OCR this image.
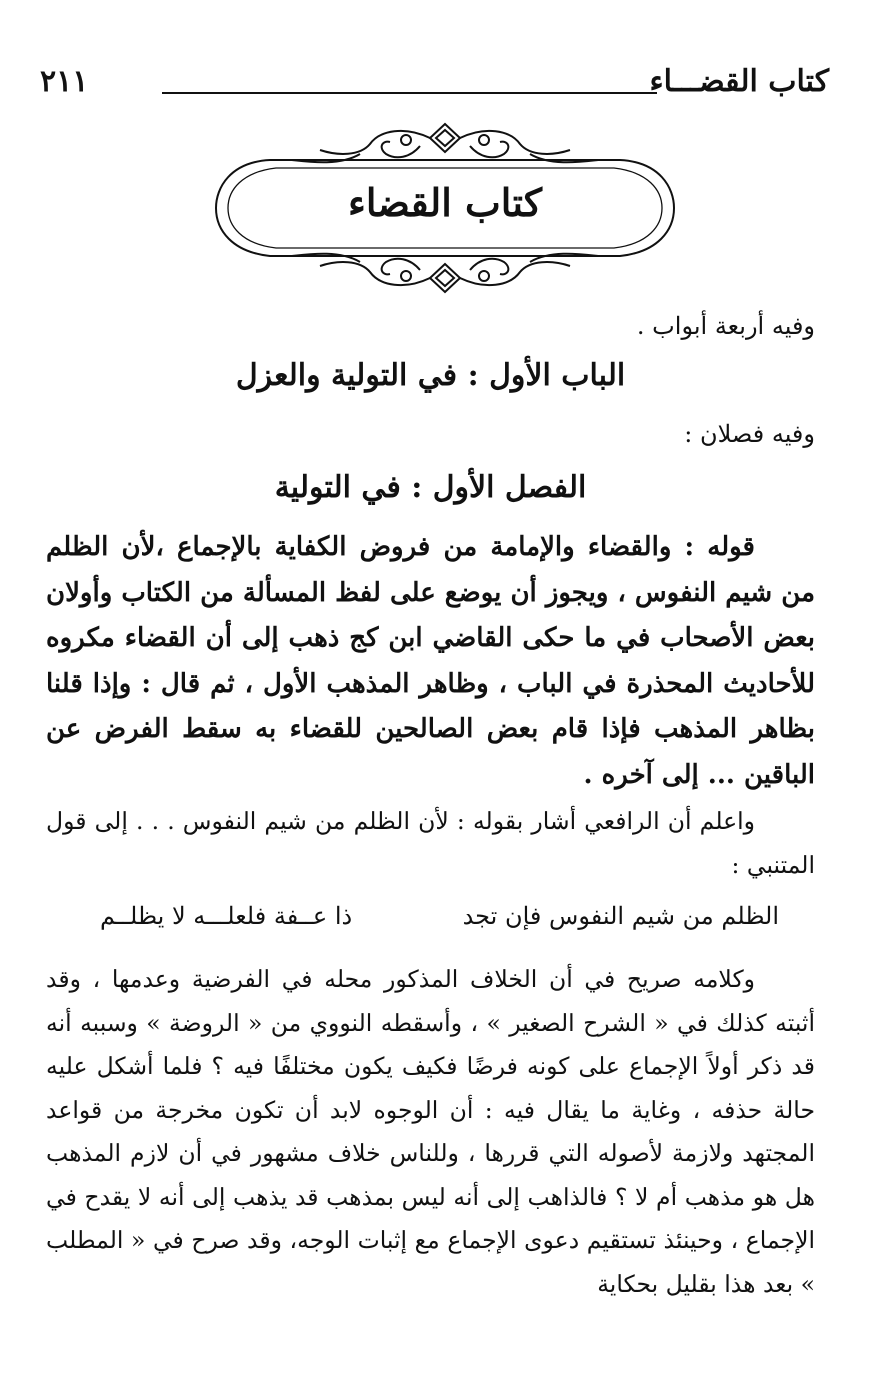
كتاب القضـــاء
٢١١
كتاب القضاء
وفيه أربعة أبواب .
الباب الأول : في التولية والعزل
وفيه فصلان :
الفصل الأول : في التولية
قوله : والقضاء والإمامة من فروض الكفاية بالإجماع ،لأن الظلم من شيم النفوس ، ويجوز أن يوضع على لفظ المسألة من الكتاب وأولان بعض الأصحاب في ما حكى القاضي ابن كج ذهب إلى أن القضاء مكروه للأحاديث المحذرة في الباب ، وظاهر المذهب الأول ، ثم قال : وإذا قلنا بظاهر المذهب فإذا قام بعض الصالحين للقضاء به سقط الفرض عن الباقين ... إلى آخره .
واعلم أن الرافعي أشار بقوله : لأن الظلم من شيم النفوس . . . إلى قول المتنبي :
الظلم من شيم النفوس فإن تجد
ذا عــفة فلعلـــه لا يظلــم
وكلامه صريح في أن الخلاف المذكور محله في الفرضية وعدمها ، وقد أثبته كذلك في « الشرح الصغير » ، وأسقطه النووي من « الروضة » وسببه أنه قد ذكر أولاً الإجماع على كونه فرضًا فكيف يكون مختلفًا فيه ؟ فلما أشكل عليه حالة حذفه ، وغاية ما يقال فيه : أن الوجوه لابد أن تكون مخرجة من قواعد المجتهد ولازمة لأصوله التي قررها ، وللناس خلاف مشهور في أن لازم المذهب هل هو مذهب أم لا ؟ فالذاهب إلى أنه ليس بمذهب قد يذهب إلى أنه لا يقدح في الإجماع ، وحينئذ تستقيم دعوى الإجماع مع إثبات الوجه، وقد صرح في « المطلب » بعد هذا بقليل بحكاية
